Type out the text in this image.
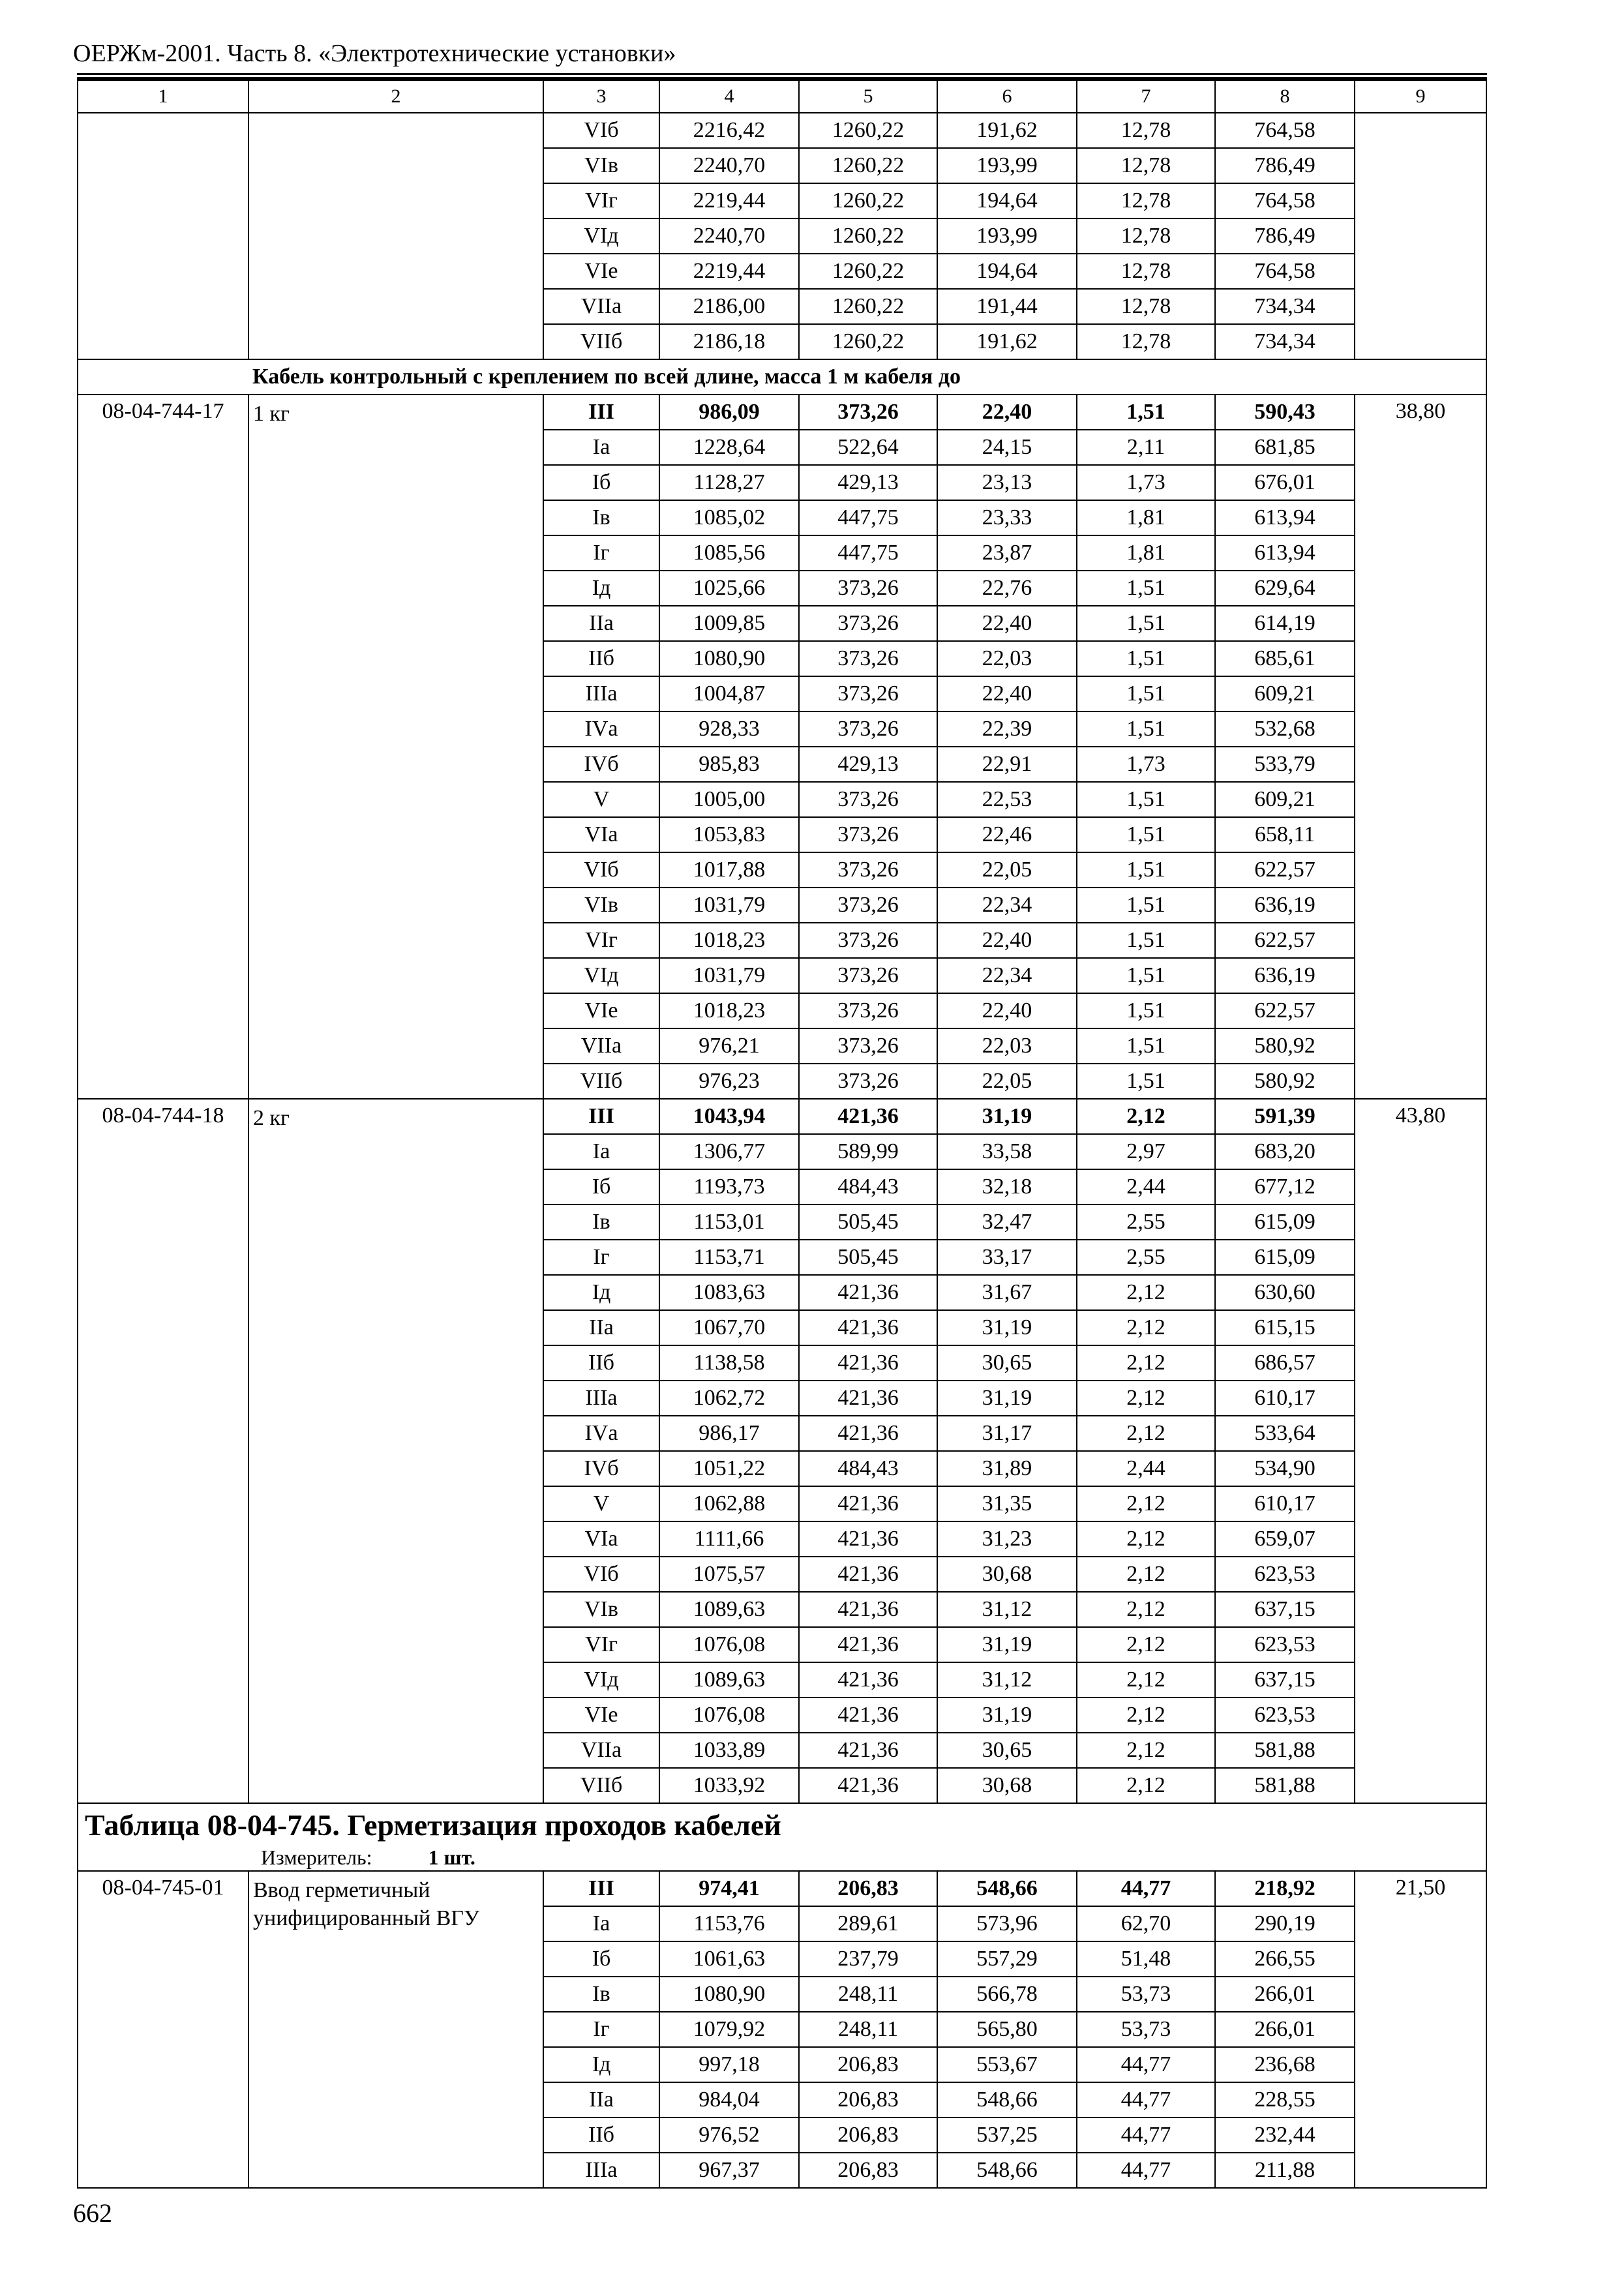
ОЕРЖм-2001. Часть 8. «Электротехнические установки»
1	2	3	4	5	6	7	8	9
		VIб	2216,42	1260,22	191,62	12,78	764,58	
		VIв	2240,70	1260,22	193,99	12,78	786,49	
		VIг	2219,44	1260,22	194,64	12,78	764,58	
		VIд	2240,70	1260,22	193,99	12,78	786,49	
		VIе	2219,44	1260,22	194,64	12,78	764,58	
		VIIа	2186,00	1260,22	191,44	12,78	734,34	
		VIIб	2186,18	1260,22	191,62	12,78	734,34	
	Кабель контрольный с креплением по всей длине, масса 1 м кабеля до							
08-04-744-17	1 кг	III	986,09	373,26	22,40	1,51	590,43	38,80
		Iа	1228,64	522,64	24,15	2,11	681,85	
		Iб	1128,27	429,13	23,13	1,73	676,01	
		Iв	1085,02	447,75	23,33	1,81	613,94	
		Iг	1085,56	447,75	23,87	1,81	613,94	
		Iд	1025,66	373,26	22,76	1,51	629,64	
		IIа	1009,85	373,26	22,40	1,51	614,19	
		IIб	1080,90	373,26	22,03	1,51	685,61	
		IIIа	1004,87	373,26	22,40	1,51	609,21	
		IVа	928,33	373,26	22,39	1,51	532,68	
		IVб	985,83	429,13	22,91	1,73	533,79	
		V	1005,00	373,26	22,53	1,51	609,21	
		VIа	1053,83	373,26	22,46	1,51	658,11	
		VIб	1017,88	373,26	22,05	1,51	622,57	
		VIв	1031,79	373,26	22,34	1,51	636,19	
		VIг	1018,23	373,26	22,40	1,51	622,57	
		VIд	1031,79	373,26	22,34	1,51	636,19	
		VIе	1018,23	373,26	22,40	1,51	622,57	
		VIIа	976,21	373,26	22,03	1,51	580,92	
		VIIб	976,23	373,26	22,05	1,51	580,92	
08-04-744-18	2 кг	III	1043,94	421,36	31,19	2,12	591,39	43,80
		Iа	1306,77	589,99	33,58	2,97	683,20	
		Iб	1193,73	484,43	32,18	2,44	677,12	
		Iв	1153,01	505,45	32,47	2,55	615,09	
		Iг	1153,71	505,45	33,17	2,55	615,09	
		Iд	1083,63	421,36	31,67	2,12	630,60	
		IIа	1067,70	421,36	31,19	2,12	615,15	
		IIб	1138,58	421,36	30,65	2,12	686,57	
		IIIа	1062,72	421,36	31,19	2,12	610,17	
		IVа	986,17	421,36	31,17	2,12	533,64	
		IVб	1051,22	484,43	31,89	2,44	534,90	
		V	1062,88	421,36	31,35	2,12	610,17	
		VIа	1111,66	421,36	31,23	2,12	659,07	
		VIб	1075,57	421,36	30,68	2,12	623,53	
		VIв	1089,63	421,36	31,12	2,12	637,15	
		VIг	1076,08	421,36	31,19	2,12	623,53	
		VIд	1089,63	421,36	31,12	2,12	637,15	
		VIе	1076,08	421,36	31,19	2,12	623,53	
		VIIа	1033,89	421,36	30,65	2,12	581,88	
		VIIб	1033,92	421,36	30,68	2,12	581,88	

Таблица 08-04-745. Герметизация проходов кабелей
Измеритель: 1 шт.								

08-04-745-01	Ввод герметичный унифицированный ВГУ	III	974,41	206,83	548,66	44,77	218,92	21,50
		Iа	1153,76	289,61	573,96	62,70	290,19	
		Iб	1061,63	237,79	557,29	51,48	266,55	
		Iв	1080,90	248,11	566,78	53,73	266,01	
		Iг	1079,92	248,11	565,80	53,73	266,01	
		Iд	997,18	206,83	553,67	44,77	236,68	
		IIа	984,04	206,83	548,66	44,77	228,55	
		IIб	976,52	206,83	537,25	44,77	232,44	
		IIIа	967,37	206,83	548,66	44,77	211,88	
662
